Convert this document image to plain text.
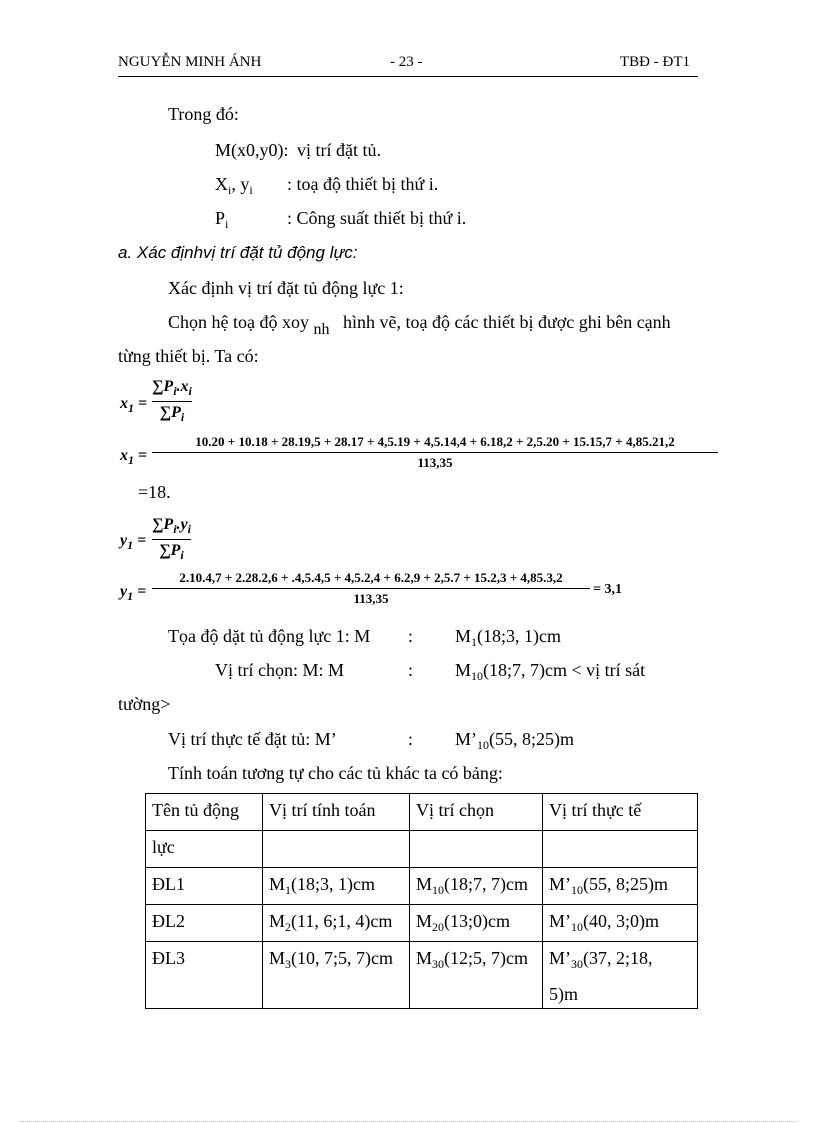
NGUYỄN MINH ÁNH	- 23 -	TBĐ - ĐT1
Trong đó:
M(x0,y0): vị trí đặt tủ.
$X_i$, $y_i$ : toạ độ thiết bị thứ i.
$P_i$	: Công suất thiết bị thứ i.
a. Xác địnhvị trí đặt tủ động lực:
Xác định vị trí đặt tủ động lực 1:
Chọn hệ toạ độ xoy nh hình vẽ, toạ độ các thiết bị được ghi bên cạnh
từng thiết bị. Ta có:
$x_1$ =
$\sum P_i.x_i$
$\sum P_i$
$x_1$ =
10.20 + 10.18 + 28.19,5 + 28.17 + 4,5.19 + 4,5.14,4 + 6.18,2 + 2,5.20 + 15.15,7 + 4,85.21,2
113,35
=18.
$y_1$ =
$\sum P_i.y_i$
$\sum P_i$
$y_1$ =
2.10.4,7 + 2.28.2,6 + .4,5.4,5 + 4,5.2,4 + 6.2,9 + 2,5.7 + 15.2,3 + 4,85.3,2
113,35
= 3,1
Tọa độ dặt tủ động lực 1: M : $M_1(18;3$, 1)cm
Vị trí chọn: M: M	: $M_{10}(18;7$, 7)cm < vị trí sát
tường>
Vị trí thực tế đặt tủ: M’	: $M’_{10}(55$, 8;25)m
Tính toán tương tự cho các tủ khác ta có bảng:
Tên tủ động	Vị trí tính toán	Vị trí chọn	Vị trí thực tế
lực			
ĐL1	$M_1(18;3$, 1)cm	$M_{10}(18;7$, 7)cm	$M’_{10}(55$, 8;25)m
ĐL2	$M_2(11$, 6;1, 4)cm	$M_{20}(13;0)cm$	$M’_{10}(40$, 3;0)m
ĐL3	$M_3(10$, 7;5, 7)cm	$M_{30}(12;5$, 7)cm	$M’_{30}(37$, 2;18,
5)m
